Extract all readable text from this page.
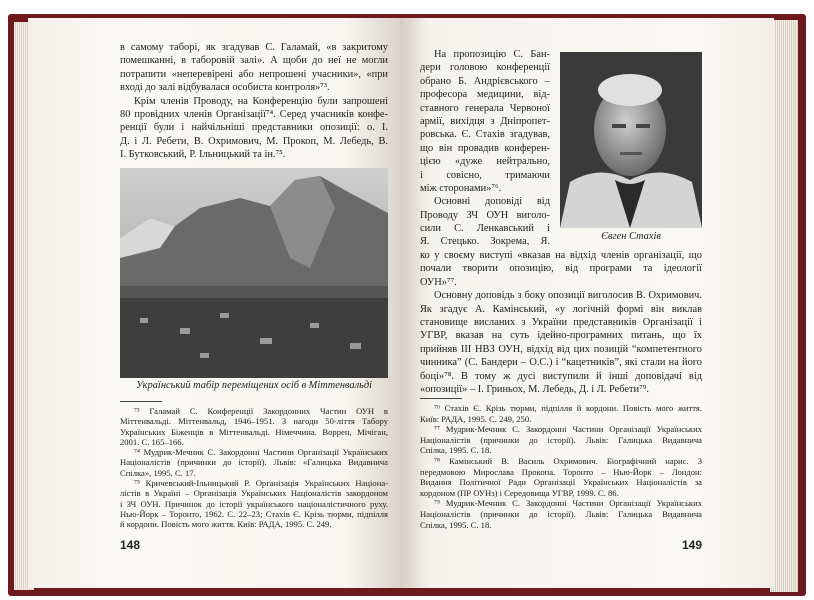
в самому таборі, як згадував С. Галамай, «в закритому
помешканні, в таборовій залі». А щоби до неї не могли
потрапити «неперевірені або непрошені учасники», «при
вході до залі відбувалася особиста контроля»⁷³.
Крім членів Проводу, на Конференцію були запрошені
80 провідних членів Організації⁷⁴. Серед учасників конфе-
ренції були і найчільніші представники опозиції: о. І.
Д. і Л. Ребети, В. Охримович, М. Прокоп, М. Лебедь, В.
І. Бутковський, Р. Ільницький та ін.⁷⁵.
Український табір переміщених осіб в Міттенвальді
⁷³ Галамай С. Конференції Закордонних Частин ОУН в
Міттенвальді. Міттенвальд, 1946–1951. З нагоди 50-ліття Табору
Українських Біженців в Міттенвальді. Німеччина. Воррен, Мічіган,
2001. С. 165–166.
⁷⁴ Мудрик-Мечник С. Закордонні Частини Організації Українських
Націоналістів (причинки до історії). Львів: «Галицька Видавнича
Спілка», 1995. С. 17.
⁷⁵ Кричевський-Ільницький Р. Організація Українських Націона-
лістів в Україні – Організація Українських Націоналістів закордоном
і ЗЧ ОУН. Причинок до історії українського націоналістичного руху.
Нью-Йорк – Торонто, 1962. С. 22–23; Стахів Є. Крізь тюрми, підпілля
й кордони. Повість мого життя. Київ: РАДА, 1995. С. 249.
148
На пропозицію С. Бан-
дери головою конференції
обрано Б. Андрієвського –
професора медицини, від-
ставного генерала Червоної
армії, вихідця з Дніпропет-
ровська. Є. Стахів згадував,
що він провадив конферен-
цією «дуже нейтрально,
і совісно, тримаючи
між сторонами»⁷⁶.
Основні доповіді від
Проводу ЗЧ ОУН виголо-
сили С. Ленкавський і
Я. Стецько. Зокрема, Я.	Євген Стахів
ко у своєму виступі «вказав на відхід членів організації, що
почали творити опозицію, від програми та ідеології
ОУН»⁷⁷.
Основну доповідь з боку опозиції виголосив В. Охримович.
Як згадує А. Камінський, «у логічній формі він виклав
становище висланих з України представників Організації і
УГВР, вказав на суть ідейно-програмних питань, що їх
прийняв ІІІ НВЗ ОУН, відхід від цих позицій “компетентного
чинника” (С. Бандери – О.С.) і “кацетників”, які стали на його
боці»⁷⁸. В тому ж дусі виступили й інші доповідачі від
«опозиції» – І. Гриньох, М. Лебедь, Д. і Л. Ребети⁷⁹.
⁷⁶ Стахів Є. Крізь тюрми, підпілля й кордони. Повість мого життя.
Київ: РАДА, 1995. С. 249, 250.
⁷⁷ Мудрик-Мечник С. Закордонні Частини Організації Українських
Націоналістів (причинки до історії). Львів: Галицька Видавнича
Спілка, 1995. С. 18.
⁷⁸ Камінський В. Василь Охримович. Біографічний нарис. З
передмовою Мирослава Прокопа. Торонто – Нью-Йорк – Лондон:
Видання Політичної Ради Організації Українських Націоналістів за
кордоном (ПР ОУНз) і Середовища УГВР, 1999. С. 86.
⁷⁹ Мудрик-Мечник С. Закордонні Частини Організації Українських
Націоналістів (причинки до історії). Львів: Галицька Видавнича
Спілка, 1995. С. 18.
149
